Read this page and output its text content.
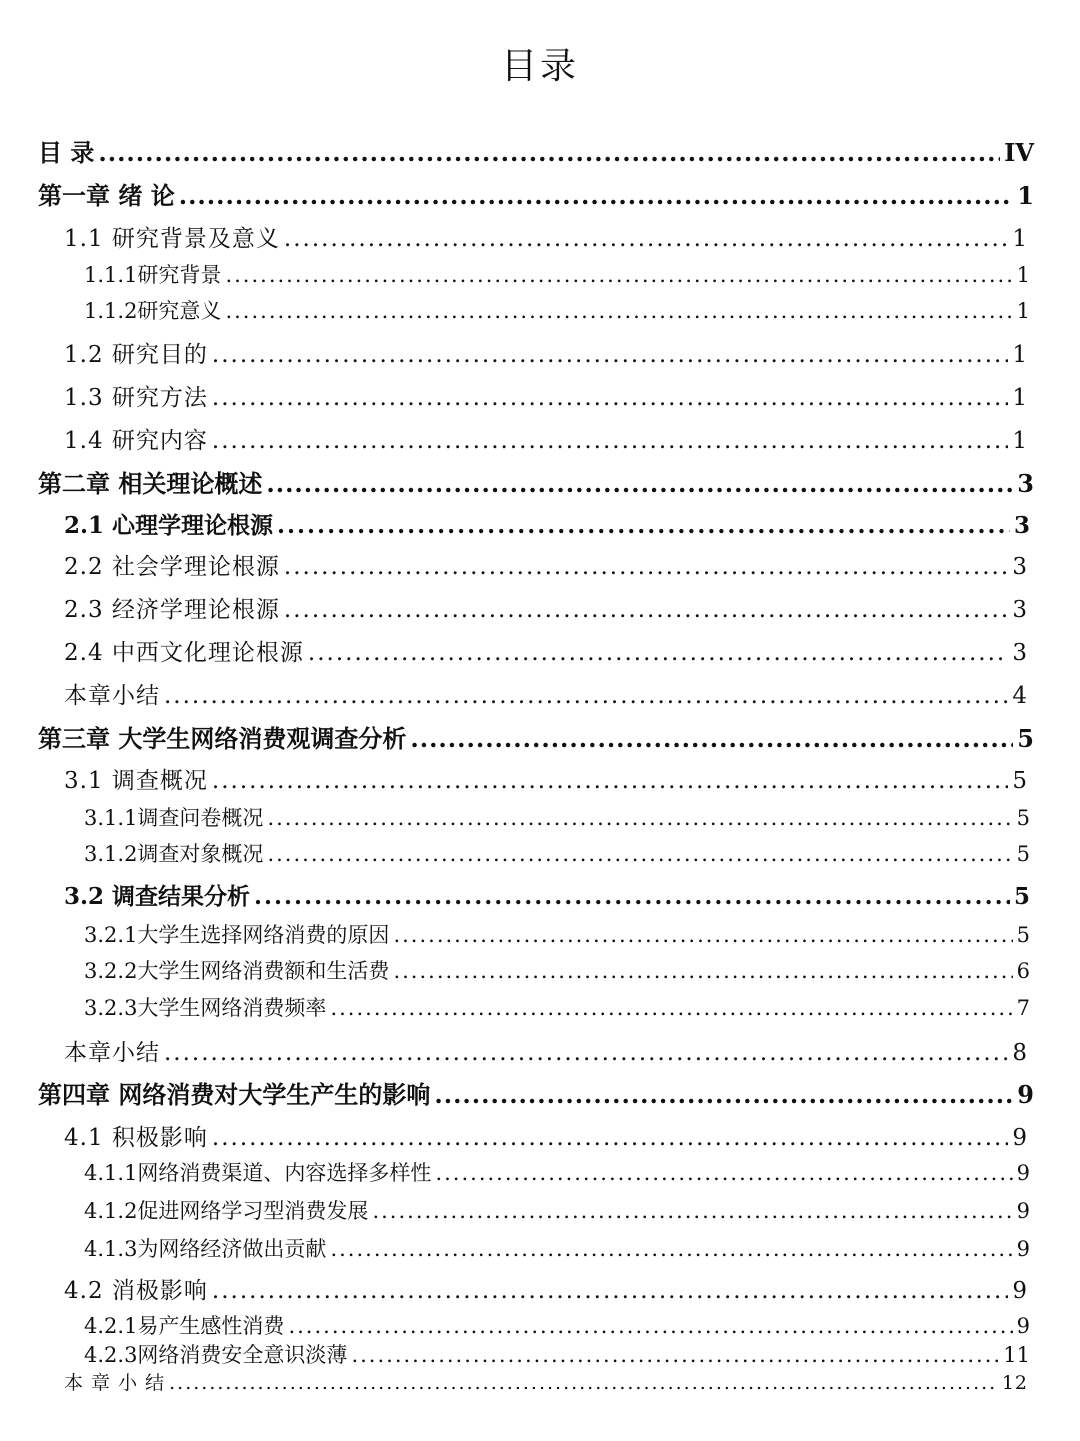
目录
目 录 .....	IV
第一章 绪 论 .....	1
1.1 研究背景及意义 .....	1
1.1.1研究背景 .....	1
1.1.2研究意义 .....	1
1.2 研究目的 .....	1
1.3 研究方法 .....	1
1.4 研究内容 .....	1
第二章 相关理论概述 .....	3
2.1 心理学理论根源 .....	3
2.2 社会学理论根源 .....	3
2.3 经济学理论根源 .....	3
2.4 中西文化理论根源 .....	3
本章小结 .....	4
第三章 大学生网络消费观调查分析 .....	5
3.1 调查概况 .....	5
3.1.1调查问卷概况 .....	5
3.1.2调查对象概况 .....	5
3.2 调查结果分析 .....	5
3.2.1大学生选择网络消费的原因 .....	5
3.2.2大学生网络消费额和生活费 .....	6
3.2.3大学生网络消费频率 .....	7
本章小结 .....	8
第四章 网络消费对大学生产生的影响 .....	9
4.1 积极影响 .....	9
4.1.1网络消费渠道、内容选择多样性 .....	9
4.1.2促进网络学习型消费发展 .....	9
4.1.3为网络经济做出贡献 .....	9
4.2 消极影响 .....	9
4.2.1易产生感性消费 .....	9
4.2.3网络消费安全意识淡薄 .....	11
本 章 小 结 .....	12
